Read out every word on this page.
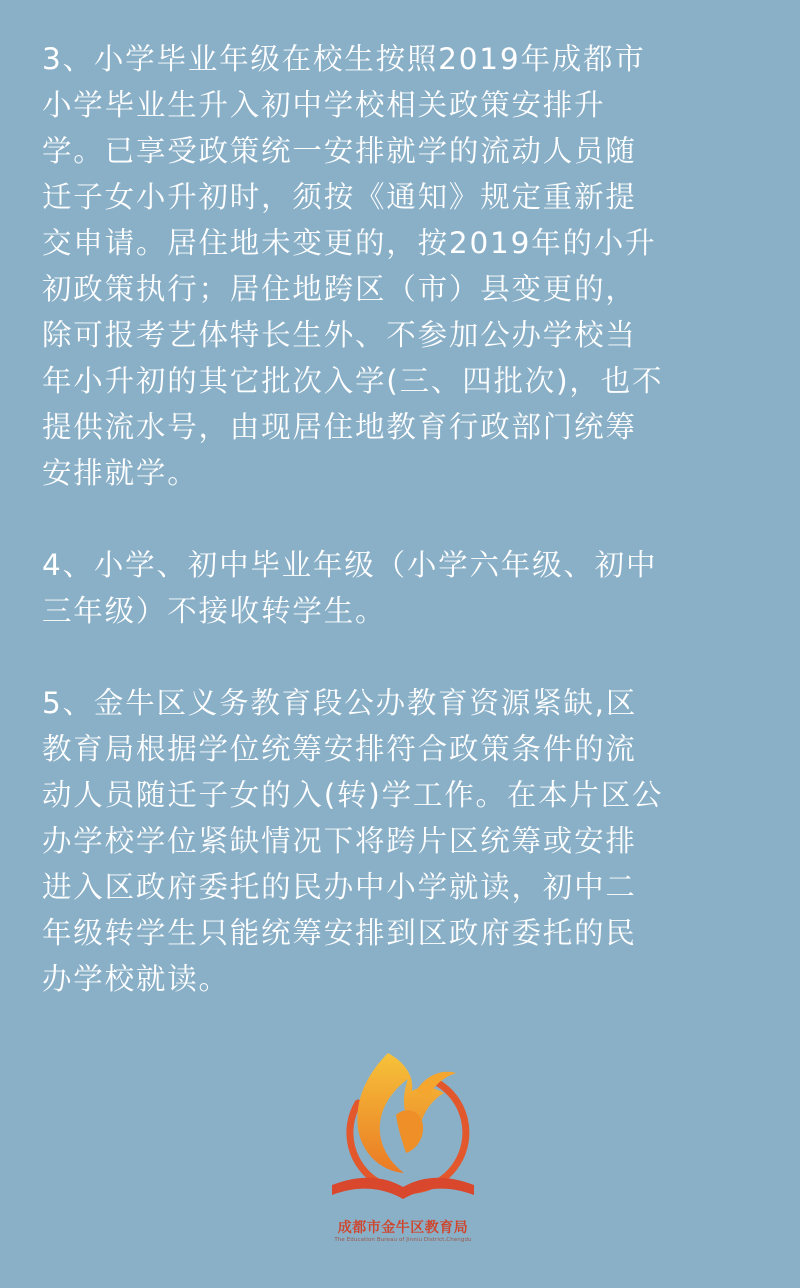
3、小学毕业年级在校生按照2019年成都市
小学毕业生升入初中学校相关政策安排升
学。已享受政策统一安排就学的流动人员随
迁子女小升初时，须按《通知》规定重新提
交申请。居住地未变更的，按2019年的小升
初政策执行；居住地跨区（市）县变更的，
除可报考艺体特长生外、不参加公办学校当
年小升初的其它批次入学(三、四批次)，也不
提供流水号，由现居住地教育行政部门统筹
安排就学。

4、小学、初中毕业年级（小学六年级、初中
三年级）不接收转学生。

5、金牛区义务教育段公办教育资源紧缺,区
教育局根据学位统筹安排符合政策条件的流
动人员随迁子女的入(转)学工作。在本片区公
办学校学位紧缺情况下将跨片区统筹或安排
进入区政府委托的民办中小学就读，初中二
年级转学生只能统筹安排到区政府委托的民
办学校就读。

成都市金牛区教育局
The Education Bureau of Jinniu District,Chengdu
